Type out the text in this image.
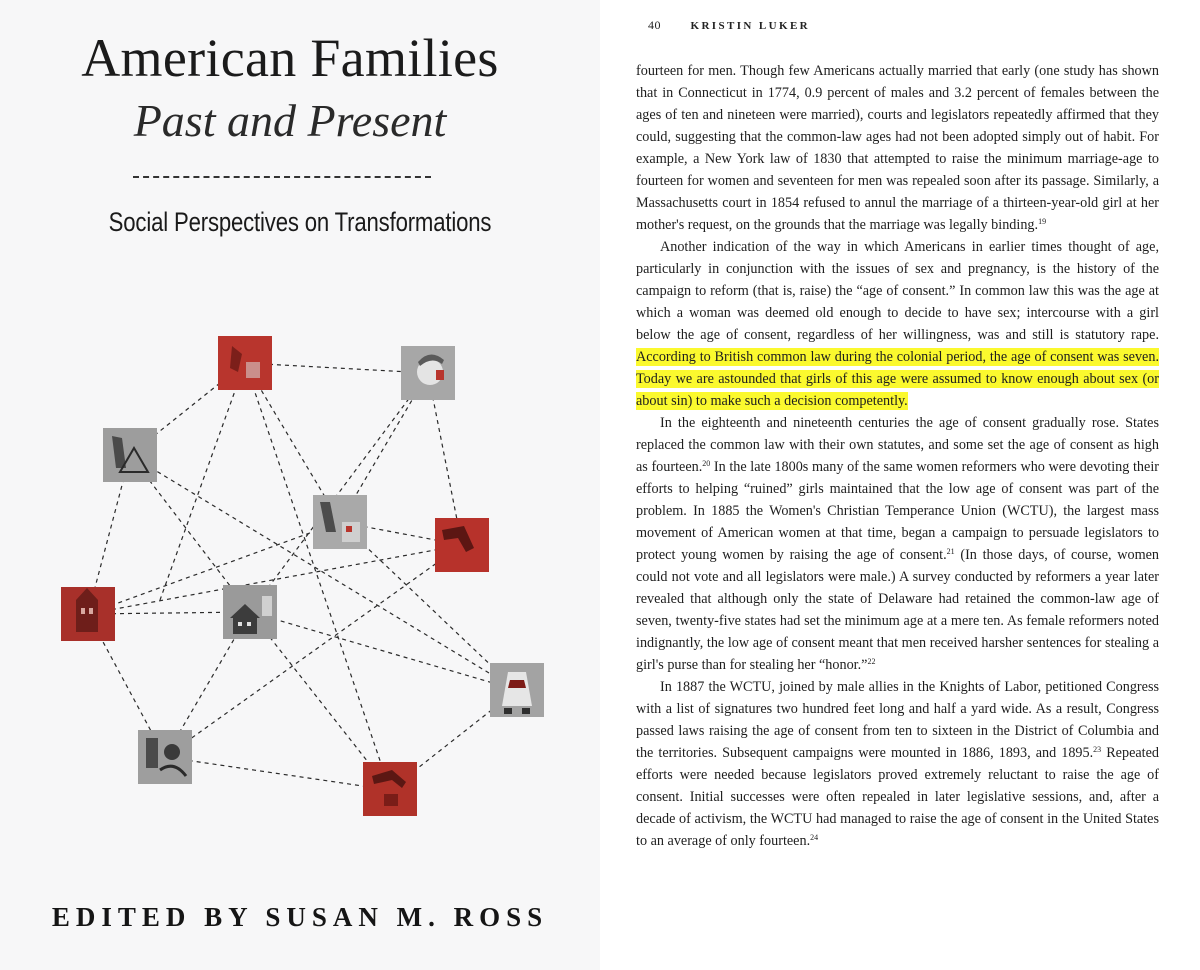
American Families
Past and Present
Social Perspectives on Transformations
EDITED BY SUSAN M. ROSS
40	KRISTIN LUKER

fourteen for men. Though few Americans actually married that early (one study has shown that in Connecticut in 1774, 0.9 percent of males and 3.2 percent of females between the ages of ten and nineteen were married), courts and legislators repeatedly affirmed that they could, suggesting that the common-law ages had not been adopted simply out of habit. For example, a New York law of 1830 that attempted to raise the minimum marriage-age to fourteen for women and seventeen for men was repealed soon after its passage. Similarly, a Massachusetts court in 1854 refused to annul the marriage of a thirteen-year-old girl at her mother's request, on the grounds that the marriage was legally binding.$^{19}$

Another indication of the way in which Americans in earlier times thought of age, particularly in conjunction with the issues of sex and pregnancy, is the history of the campaign to reform (that is, raise) the “age of consent.” In common law this was the age at which a woman was deemed old enough to decide to have sex; intercourse with a girl below the age of consent, regardless of her willingness, was and still is statutory rape. According to British common law during the colonial period, the age of consent was seven. Today we are astounded that girls of this age were assumed to know enough about sex (or about sin) to make such a decision competently.

In the eighteenth and nineteenth centuries the age of consent gradually rose. States replaced the common law with their own statutes, and some set the age of consent as high as fourteen.$^{20}$ In the late 1800s many of the same women reformers who were devoting their efforts to helping “ruined” girls maintained that the low age of consent was part of the problem. In 1885 the Women's Christian Temperance Union (WCTU), the largest mass movement of American women at that time, began a campaign to persuade legislators to protect young women by raising the age of consent.$^{21}$ (In those days, of course, women could not vote and all legislators were male.) A survey conducted by reformers a year later revealed that although only the state of Delaware had retained the common-law age of seven, twenty-five states had set the minimum age at a mere ten. As female reformers noted indignantly, the low age of consent meant that men received harsher sentences for stealing a girl's purse than for stealing her “honor.”$^{22}$

In 1887 the WCTU, joined by male allies in the Knights of Labor, petitioned Congress with a list of signatures two hundred feet long and half a yard wide. As a result, Congress passed laws raising the age of consent from ten to sixteen in the District of Columbia and the territories. Subsequent campaigns were mounted in 1886, 1893, and 1895.23 Repeated efforts were needed because legislators proved extremely reluctant to raise the age of consent. Initial successes were often repealed in later legislative sessions, and, after a decade of activism, the WCTU had managed to raise the age of consent in the United States to an average of only fourteen.$^{24}$
